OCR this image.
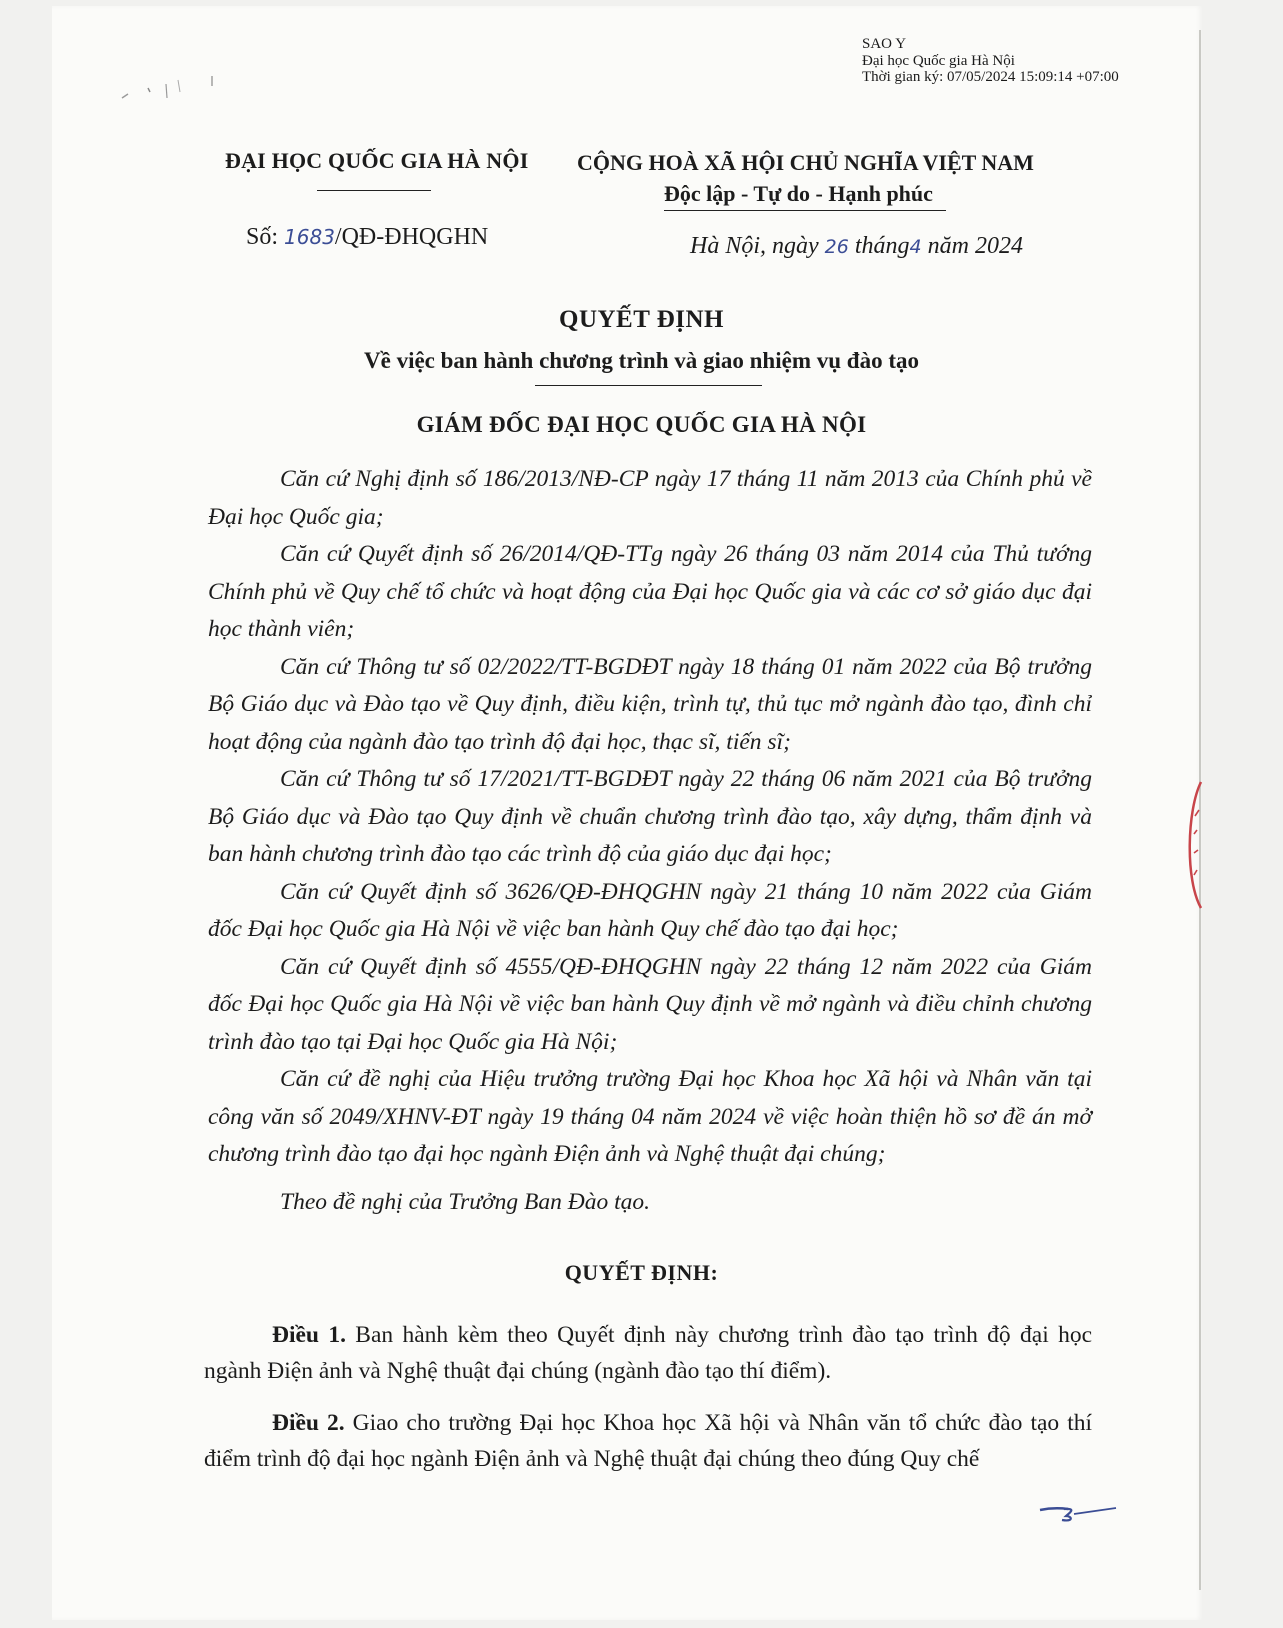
SAO Y
Đại học Quốc gia Hà Nội
Thời gian ký: 07/05/2024 15:09:14 +07:00
ĐẠI HỌC QUỐC GIA HÀ NỘI
Số: 1683/QĐ-ĐHQGHN
CỘNG HOÀ XÃ HỘI CHỦ NGHĨA VIỆT NAM
Độc lập - Tự do - Hạnh phúc
Hà Nội, ngày 26 tháng4 năm 2024
QUYẾT ĐỊNH
Về việc ban hành chương trình và giao nhiệm vụ đào tạo
GIÁM ĐỐC ĐẠI HỌC QUỐC GIA HÀ NỘI

Căn cứ Nghị định số 186/2013/NĐ-CP ngày 17 tháng 11 năm 2013 của Chính phủ về Đại học Quốc gia;

Căn cứ Quyết định số 26/2014/QĐ-TTg ngày 26 tháng 03 năm 2014 của Thủ tướng Chính phủ về Quy chế tổ chức và hoạt động của Đại học Quốc gia và các cơ sở giáo dục đại học thành viên;

Căn cứ Thông tư số 02/2022/TT-BGDĐT ngày 18 tháng 01 năm 2022 của Bộ trưởng Bộ Giáo dục và Đào tạo về Quy định, điều kiện, trình tự, thủ tục mở ngành đào tạo, đình chỉ hoạt động của ngành đào tạo trình độ đại học, thạc sĩ, tiến sĩ;

Căn cứ Thông tư số 17/2021/TT-BGDĐT ngày 22 tháng 06 năm 2021 của Bộ trưởng Bộ Giáo dục và Đào tạo Quy định về chuẩn chương trình đào tạo, xây dựng, thẩm định và ban hành chương trình đào tạo các trình độ của giáo dục đại học;

Căn cứ Quyết định số 3626/QĐ-ĐHQGHN ngày 21 tháng 10 năm 2022 của Giám đốc Đại học Quốc gia Hà Nội về việc ban hành Quy chế đào tạo đại học;

Căn cứ Quyết định số 4555/QĐ-ĐHQGHN ngày 22 tháng 12 năm 2022 của Giám đốc Đại học Quốc gia Hà Nội về việc ban hành Quy định về mở ngành và điều chỉnh chương trình đào tạo tại Đại học Quốc gia Hà Nội;

Căn cứ đề nghị của Hiệu trưởng trường Đại học Khoa học Xã hội và Nhân văn tại công văn số 2049/XHNV-ĐT ngày 19 tháng 04 năm 2024 về việc hoàn thiện hồ sơ đề án mở chương trình đào tạo đại học ngành Điện ảnh và Nghệ thuật đại chúng;

Theo đề nghị của Trưởng Ban Đào tạo.

QUYẾT ĐỊNH:

Điều 1. Ban hành kèm theo Quyết định này chương trình đào tạo trình độ đại học ngành Điện ảnh và Nghệ thuật đại chúng (ngành đào tạo thí điểm).

Điều 2. Giao cho trường Đại học Khoa học Xã hội và Nhân văn tổ chức đào tạo thí điểm trình độ đại học ngành Điện ảnh và Nghệ thuật đại chúng theo đúng Quy chế
